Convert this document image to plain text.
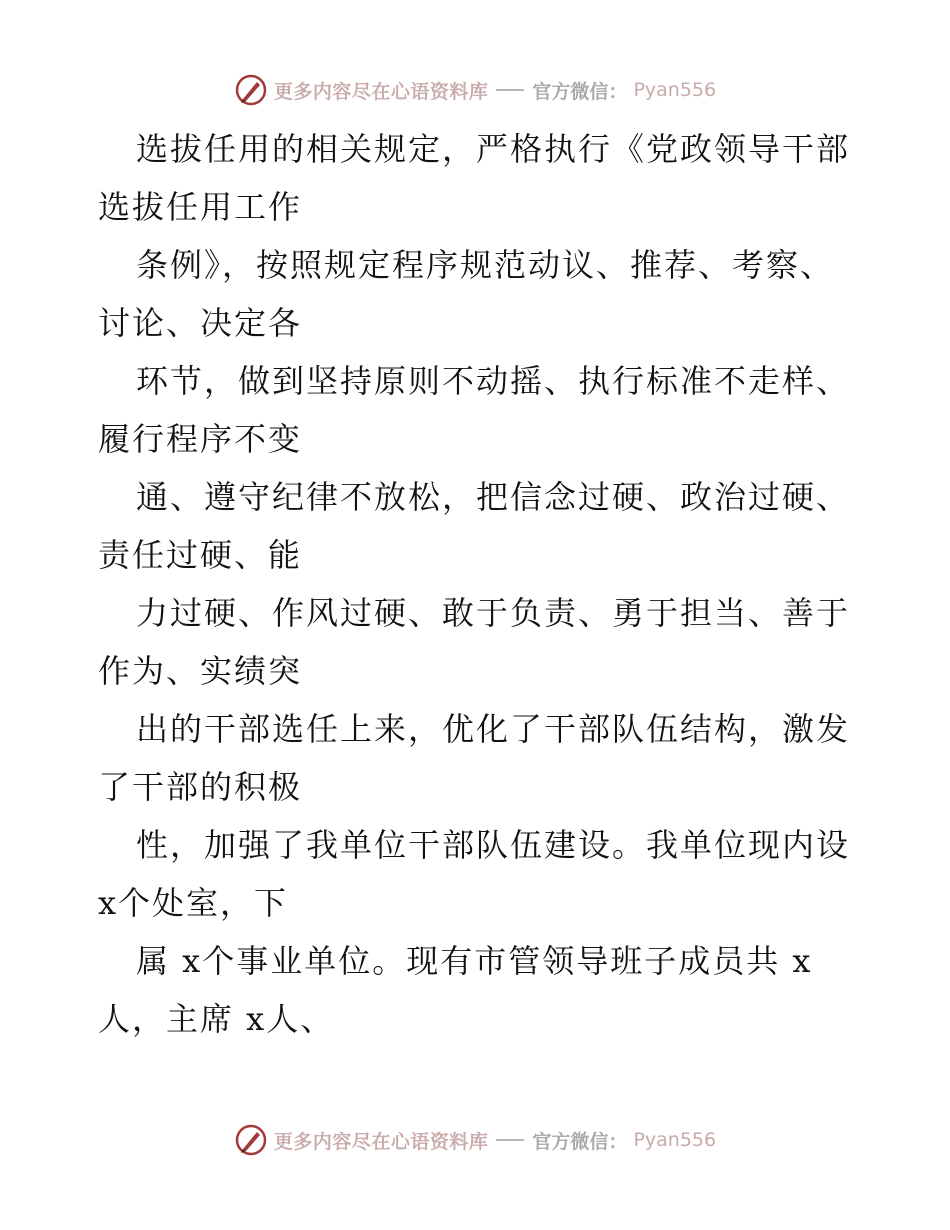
更多内容尽在心语资料库 官方微信： Pyan556
选拔任用的相关规定，严格执行《党政领导干部
选拔任用工作
条例》，按照规定程序规范动议、推荐、考察、
讨论、决定各
环节，做到坚持原则不动摇、执行标准不走样、
履行程序不变
通、遵守纪律不放松，把信念过硬、政治过硬、
责任过硬、能
力过硬、作风过硬、敢于负责、勇于担当、善于
作为、实绩突
出的干部选任上来，优化了干部队伍结构，激发
了干部的积极
性，加强了我单位干部队伍建设。我单位现内设
x个处室，下
属 x个事业单位。现有市管领导班子成员共 x
人，主席 x人、
更多内容尽在心语资料库 官方微信： Pyan556
